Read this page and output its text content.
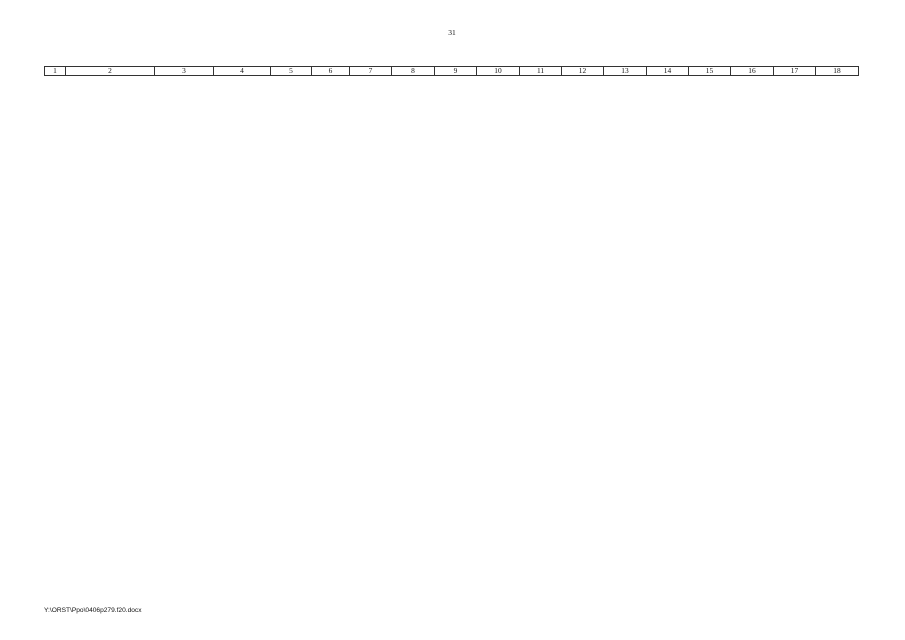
31
1	2	3	4	5	6	7	8	9	10	11	12	13	14	15	16	17	18
Y:\ORST\Ppo\0406p279.f20.docx
